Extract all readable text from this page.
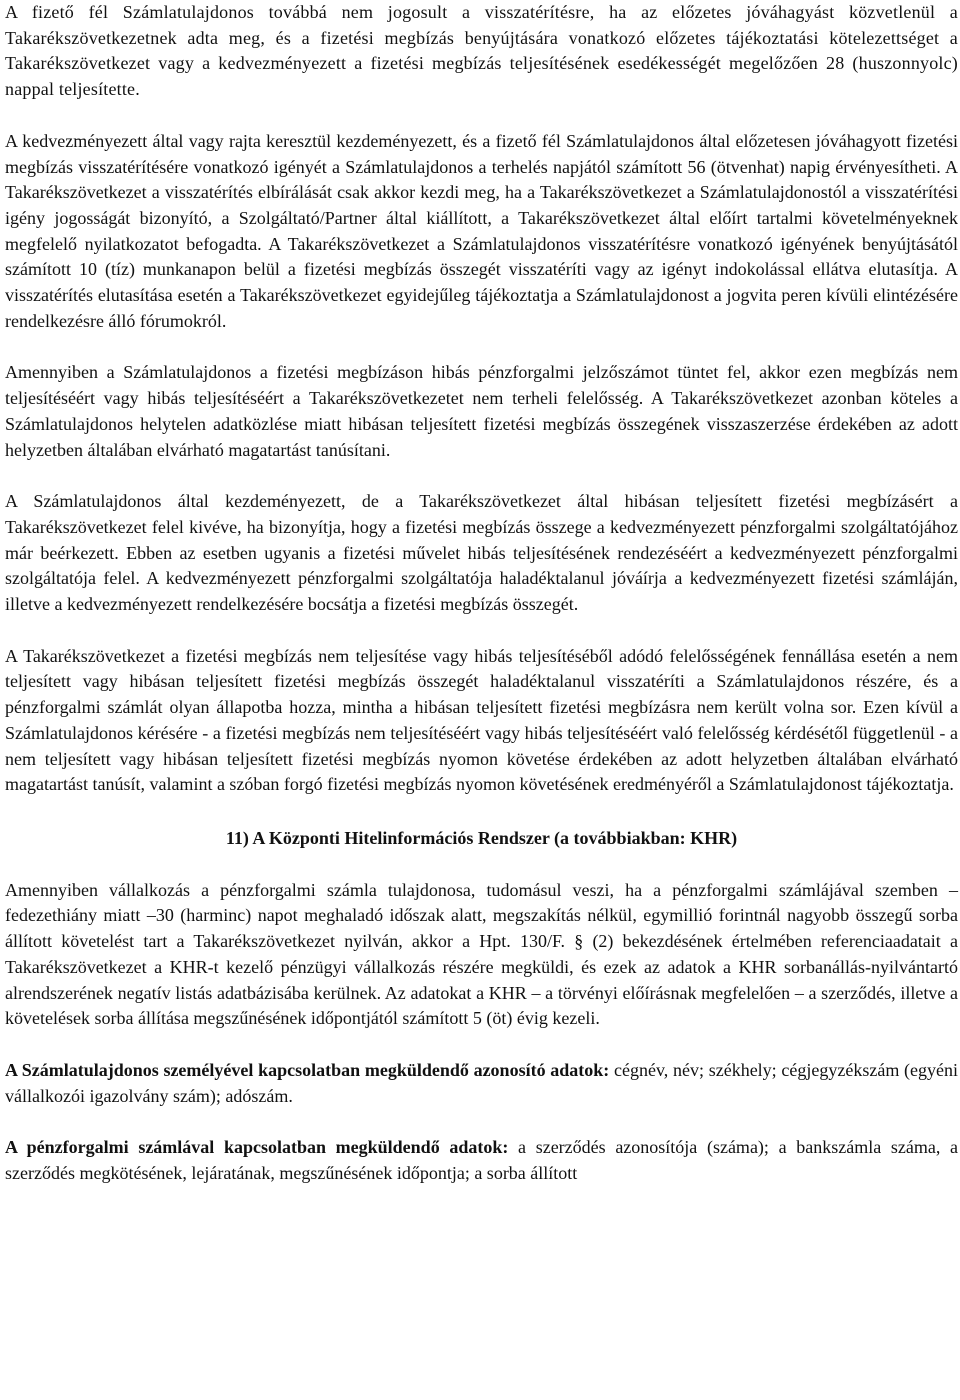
A fizető fél Számlatulajdonos továbbá nem jogosult a visszatérítésre, ha az előzetes jóváhagyást közvetlenül a Takarékszövetkezetnek adta meg, és a fizetési megbízás benyújtására vonatkozó előzetes tájékoztatási kötelezettséget a Takarékszövetkezet vagy a kedvezményezett a fizetési megbízás teljesítésének esedékességét megelőzően 28 (huszonnyolc) nappal teljesítette.

A kedvezményezett által vagy rajta keresztül kezdeményezett, és a fizető fél Számlatulajdonos által előzetesen jóváhagyott fizetési megbízás visszatérítésére vonatkozó igényét a Számlatulajdonos a terhelés napjától számított 56 (ötvenhat) napig érvényesítheti. A Takarékszövetkezet a visszatérítés elbírálását csak akkor kezdi meg, ha a Takarékszövetkezet a Számlatulajdonostól a visszatérítési igény jogosságát bizonyító, a Szolgáltató/Partner által kiállított, a Takarékszövetkezet által előírt tartalmi követelményeknek megfelelő nyilatkozatot befogadta. A Takarékszövetkezet a Számlatulajdonos visszatérítésre vonatkozó igényének benyújtásától számított 10 (tíz) munkanapon belül a fizetési megbízás összegét visszatéríti vagy az igényt indokolással ellátva elutasítja. A visszatérítés elutasítása esetén a Takarékszövetkezet egyidejűleg tájékoztatja a Számlatulajdonost a jogvita peren kívüli elintézésére rendelkezésre álló fórumokról.

Amennyiben a Számlatulajdonos a fizetési megbízáson hibás pénzforgalmi jelzőszámot tüntet fel, akkor ezen megbízás nem teljesítéséért vagy hibás teljesítéséért a Takarékszövetkezetet nem terheli felelősség. A Takarékszövetkezet azonban köteles a Számlatulajdonos helytelen adatközlése miatt hibásan teljesített fizetési megbízás összegének visszaszerzése érdekében az adott helyzetben általában elvárható magatartást tanúsítani.

A Számlatulajdonos által kezdeményezett, de a Takarékszövetkezet által hibásan teljesített fizetési megbízásért a Takarékszövetkezet felel kivéve, ha bizonyítja, hogy a fizetési megbízás összege a kedvezményezett pénzforgalmi szolgáltatójához már beérkezett. Ebben az esetben ugyanis a fizetési művelet hibás teljesítésének rendezéséért a kedvezményezett pénzforgalmi szolgáltatója felel. A kedvezményezett pénzforgalmi szolgáltatója haladéktalanul jóváírja a kedvezményezett fizetési számláján, illetve a kedvezményezett rendelkezésére bocsátja a fizetési megbízás összegét.

A Takarékszövetkezet a fizetési megbízás nem teljesítése vagy hibás teljesítéséből adódó felelősségének fennállása esetén a nem teljesített vagy hibásan teljesített fizetési megbízás összegét haladéktalanul visszatéríti a Számlatulajdonos részére, és a pénzforgalmi számlát olyan állapotba hozza, mintha a hibásan teljesített fizetési megbízásra nem került volna sor. Ezen kívül a Számlatulajdonos kérésére - a fizetési megbízás nem teljesítéséért vagy hibás teljesítéséért való felelősség kérdésétől függetlenül - a nem teljesített vagy hibásan teljesített fizetési megbízás nyomon követése érdekében az adott helyzetben általában elvárható magatartást tanúsít, valamint a szóban forgó fizetési megbízás nyomon követésének eredményéről a Számlatulajdonost tájékoztatja.

11) A Központi Hitelinformációs Rendszer (a továbbiakban: KHR)

Amennyiben vállalkozás a pénzforgalmi számla tulajdonosa, tudomásul veszi, ha a pénzforgalmi számlájával szemben – fedezethiány miatt –30 (harminc) napot meghaladó időszak alatt, megszakítás nélkül, egymillió forintnál nagyobb összegű sorba állított követelést tart a Takarékszövetkezet nyilván, akkor a Hpt. 130/F. § (2) bekezdésének értelmében referenciaadatait a Takarékszövetkezet a KHR-t kezelő pénzügyi vállalkozás részére megküldi, és ezek az adatok a KHR sorbanállás-nyilvántartó alrendszerének negatív listás adatbázisába kerülnek. Az adatokat a KHR – a törvényi előírásnak megfelelően – a szerződés, illetve a követelések sorba állítása megszűnésének időpontjától számított 5 (öt) évig kezeli.

A Számlatulajdonos személyével kapcsolatban megküldendő azonosító adatok: cégnév, név; székhely; cégjegyzékszám (egyéni vállalkozói igazolvány szám); adószám.

A pénzforgalmi számlával kapcsolatban megküldendő adatok: a szerződés azonosítója (száma); a bankszámla száma, a szerződés megkötésének, lejáratának, megszűnésének időpontja; a sorba állított
